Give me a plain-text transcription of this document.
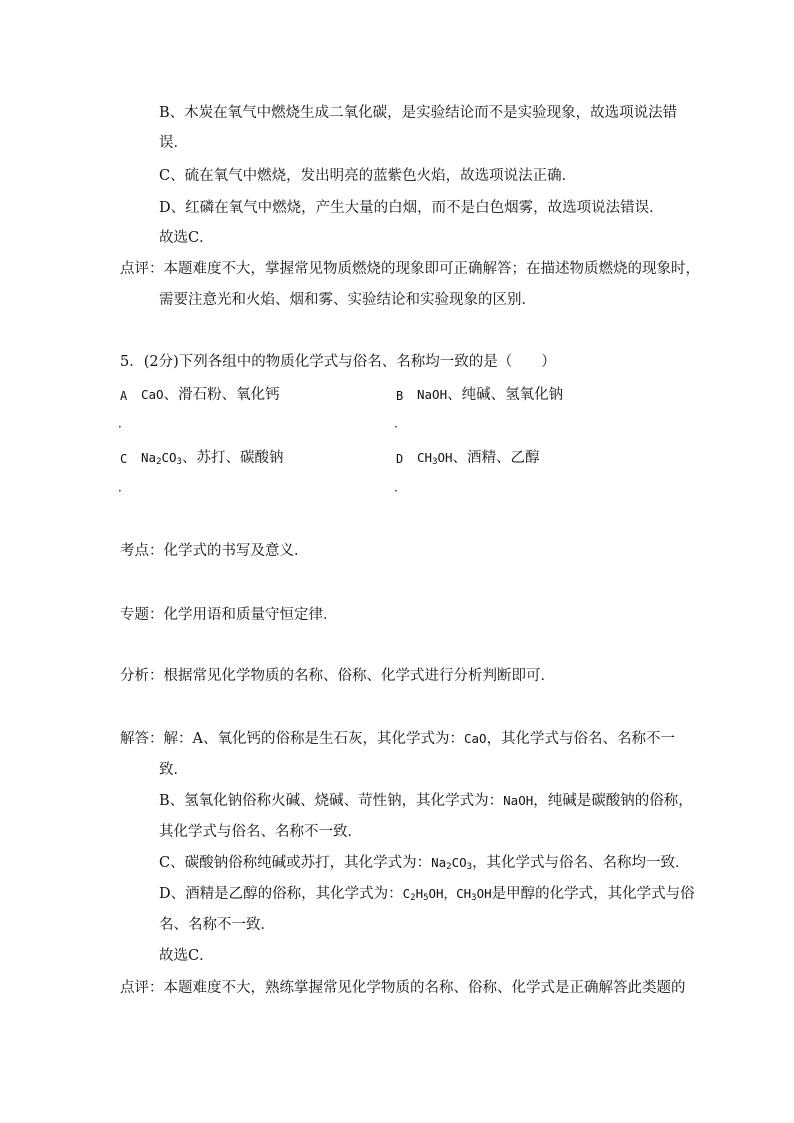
B、木炭在氧气中燃烧生成二氧化碳，是实验结论而不是实验现象，故选项说法错
误．
C、硫在氧气中燃烧，发出明亮的蓝紫色火焰，故选项说法正确．
D、红磷在氧气中燃烧，产生大量的白烟，而不是白色烟雾，故选项说法错误．
故选C．
点评：本题难度不大，掌握常见物质燃烧的现象即可正确解答；在描述物质燃烧的现象时，
需要注意光和火焰、烟和雾、实验结论和实验现象的区别．
5．(2分)下列各组中的物质化学式与俗名、名称均一致的是（　　）
A
．
CaO、滑石粉、氧化钙	B
．
NaOH、纯碱、氢氧化钠
C
．
$Na_2CO_3$、苏打、碳酸钠	D
．
$CH_3OH$、酒精、乙醇
考点：化学式的书写及意义．
专题：化学用语和质量守恒定律．
分析：根据常见化学物质的名称、俗称、化学式进行分析判断即可．
解答：解：A、氧化钙的俗称是生石灰，其化学式为：CaO，其化学式与俗名、名称不一
致．
B、氢氧化钠俗称火碱、烧碱、苛性钠，其化学式为：NaOH，纯碱是碳酸钠的俗称，
其化学式与俗名、名称不一致．
C、碳酸钠俗称纯碱或苏打，其化学式为：$Na_2CO_3$，其化学式与俗名、名称均一致．
D、酒精是乙醇的俗称，其化学式为：$C_2H_5OH$，$CH_3OH$是甲醇的化学式，其化学式与俗
名、名称不一致．
故选C．
点评：本题难度不大，熟练掌握常见化学物质的名称、俗称、化学式是正确解答此类题的
